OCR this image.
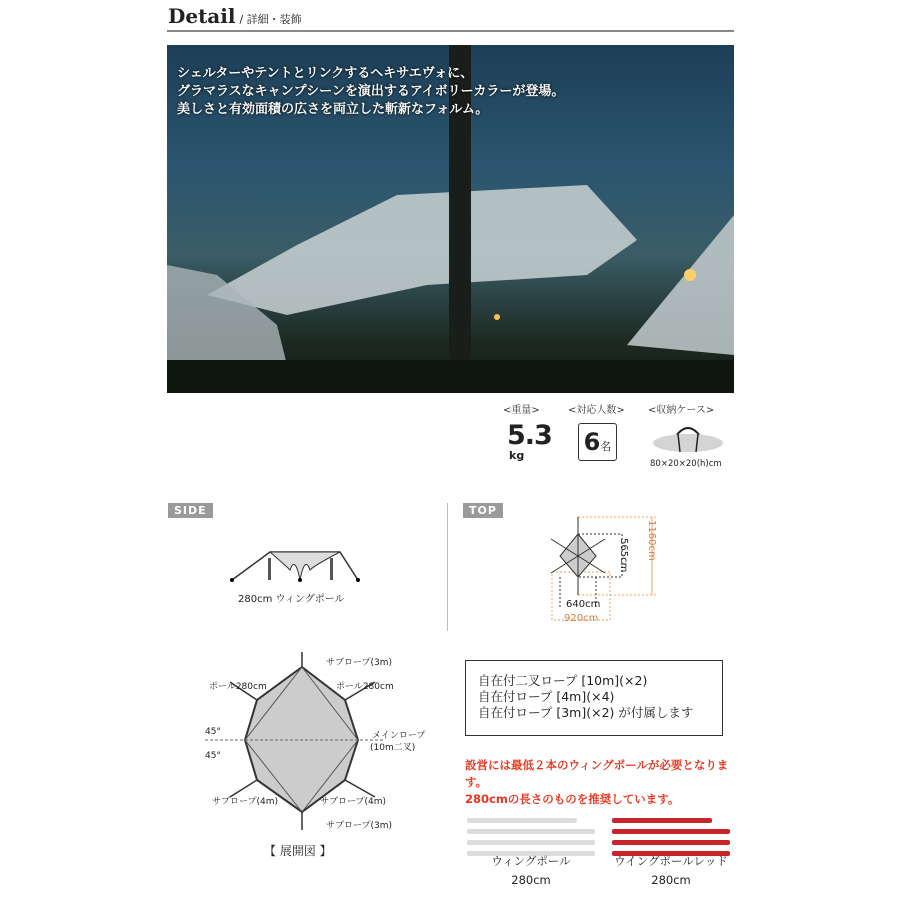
Detail / 詳細・装飾
シェルターやテントとリンクするヘキサエヴォに、
グラマラスなキャンプシーンを演出するアイボリーカラーが登場。
美しさと有効面積の広さを両立した斬新なフォルム。
<重量>
5.3
kg
<対応人数>
6名
<収納ケース>
80×20×20(h)cm
SIDE
280cm ウィングポール
TOP
565cm 1160cm
640cm
920cm
サブロープ(3m)
ポール280cm	ポール280cm
45°
45°
メインロープ
(10m二叉)
サブロープ(4m)	サブロープ(4m)
サブロープ(3m)
【 展開図 】
自在付二叉ロープ [10m](×2)
自在付ロープ [4m](×4)
自在付ロープ [3m](×2) が付属します
設営には最低２本のウィングポールが必要となります。
280cmの長さのものを推奨しています。
ウィングポール
280cm
ウイングポールレッド
280cm
